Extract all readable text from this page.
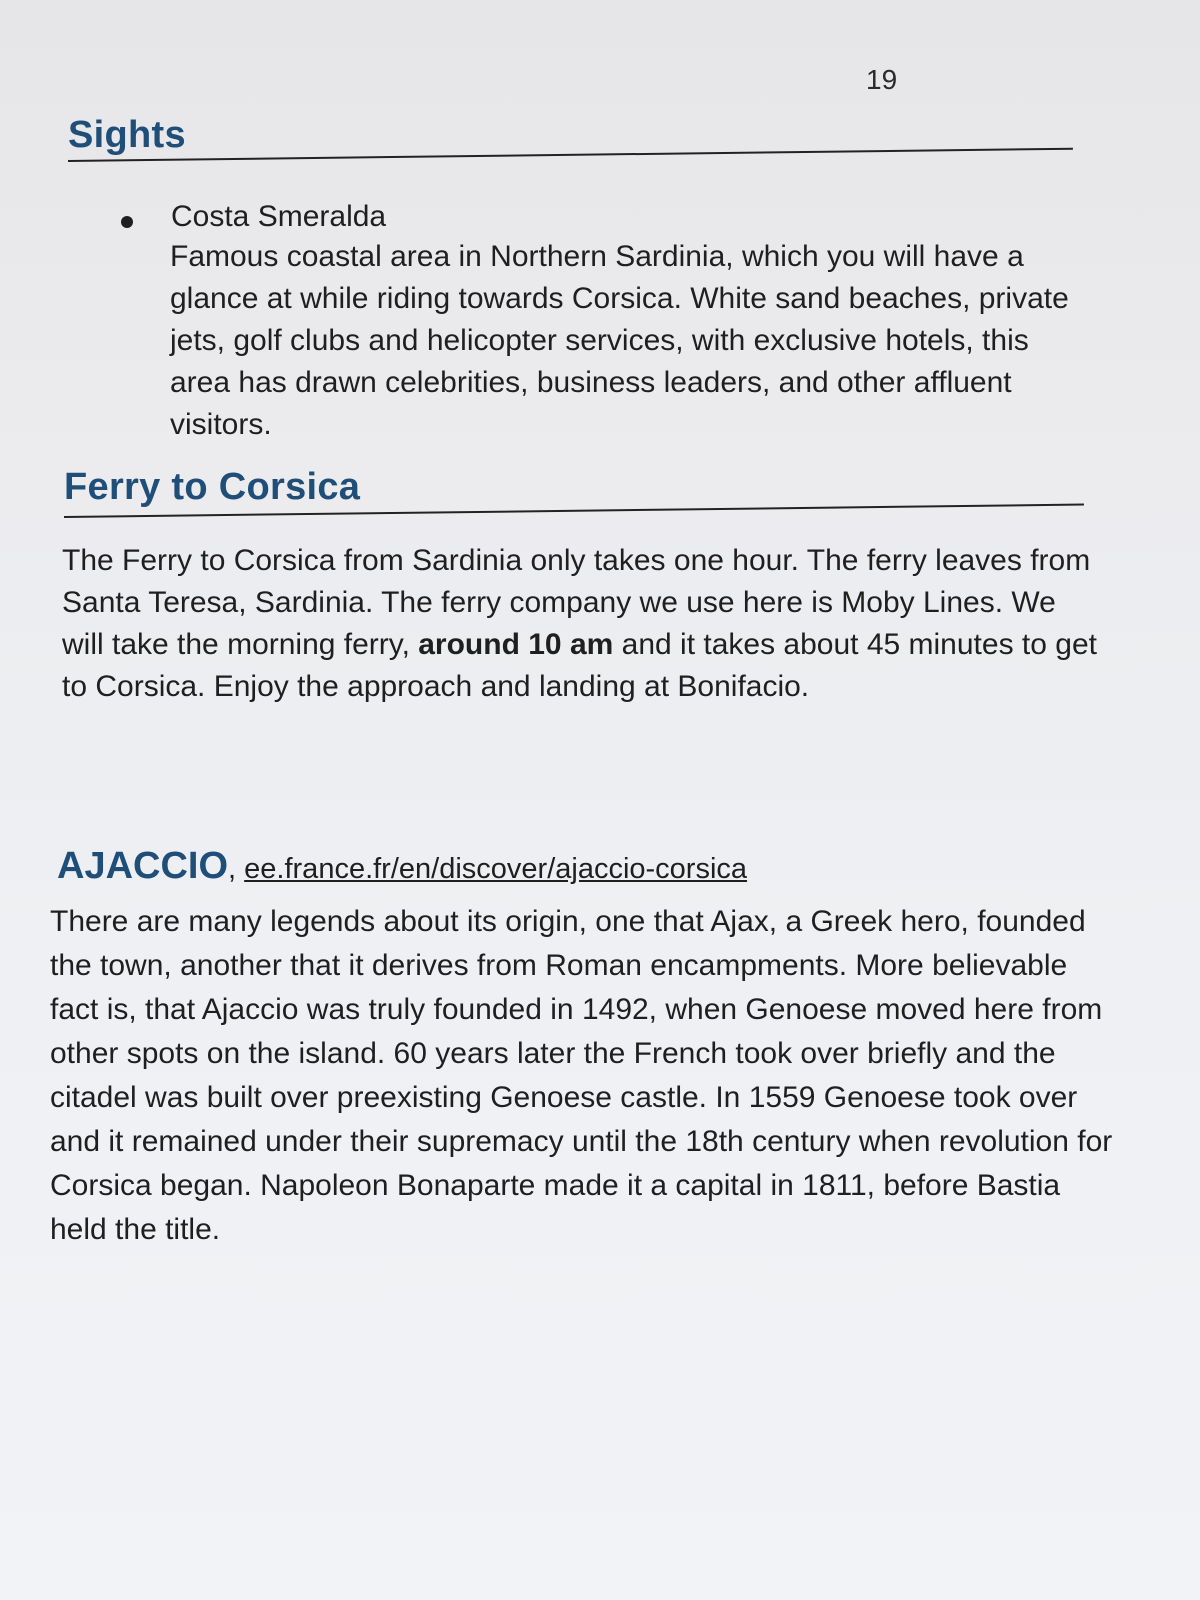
19
Sights
Costa Smeralda
Famous coastal area in Northern Sardinia, which you will have a glance at while riding towards Corsica. White sand beaches, private jets, golf clubs and helicopter services, with exclusive hotels, this area has drawn celebrities, business leaders, and other affluent visitors.
Ferry to Corsica
The Ferry to Corsica from Sardinia only takes one hour. The ferry leaves from Santa Teresa, Sardinia. The ferry company we use here is Moby Lines. We will take the morning ferry, around 10 am and it takes about 45 minutes to get to Corsica. Enjoy the approach and landing at Bonifacio.
AJACCIO, ee.france.fr/en/discover/ajaccio-corsica
There are many legends about its origin, one that Ajax, a Greek hero, founded the town, another that it derives from Roman encampments. More believable fact is, that Ajaccio was truly founded in 1492, when Genoese moved here from other spots on the island. 60 years later the French took over briefly and the citadel was built over preexisting Genoese castle. In 1559 Genoese took over and it remained under their supremacy until the 18th century when revolution for Corsica began. Napoleon Bonaparte made it a capital in 1811, before Bastia held the title.
